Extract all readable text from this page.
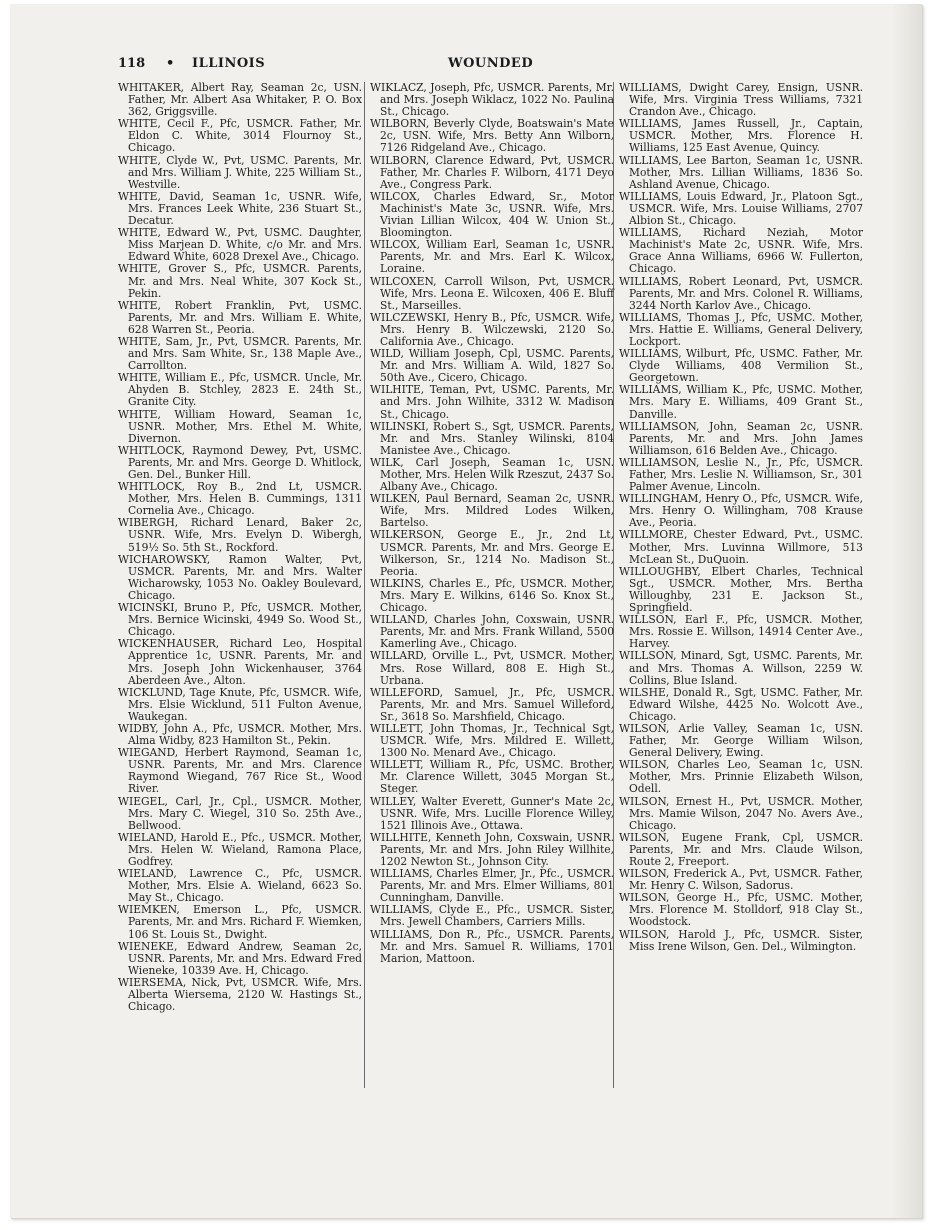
118 • ILLINOIS	WOUNDED

WHITAKER, Albert Ray, Seaman 2c, USN. Father, Mr. Albert Asa Whitaker, P. O. Box 362, Griggsville.

WHITE, Cecil F., Pfc, USMCR. Father, Mr. Eldon C. White, 3014 Flournoy St., Chicago.

WHITE, Clyde W., Pvt, USMC. Parents, Mr. and Mrs. William J. White, 225 William St., Westville.

WHITE, David, Seaman 1c, USNR. Wife, Mrs. Frances Leek White, 236 Stuart St., Decatur.

WHITE, Edward W., Pvt, USMC. Daughter, Miss Marjean D. White, c/o Mr. and Mrs. Edward White, 6028 Drexel Ave., Chicago.

WHITE, Grover S., Pfc, USMCR. Parents, Mr. and Mrs. Neal White, 307 Kock St., Pekin.

WHITE, Robert Franklin, Pvt, USMC. Parents, Mr. and Mrs. William E. White, 628 Warren St., Peoria.

WHITE, Sam, Jr., Pvt, USMCR. Parents, Mr. and Mrs. Sam White, Sr., 138 Maple Ave., Carrollton.

WHITE, William E., Pfc, USMCR. Uncle, Mr. Ahyden B. Stchley, 2823 E. 24th St., Granite City.

WHITE, William Howard, Seaman 1c, USNR. Mother, Mrs. Ethel M. White, Divernon.

WHITLOCK, Raymond Dewey, Pvt, USMC. Parents, Mr. and Mrs. George D. Whitlock, Gen. Del., Bunker Hill.

WHITLOCK, Roy B., 2nd Lt, USMCR. Mother, Mrs. Helen B. Cummings, 1311 Cornelia Ave., Chicago.

WIBERGH, Richard Lenard, Baker 2c, USNR. Wife, Mrs. Evelyn D. Wibergh, 519½ So. 5th St., Rockford.

WICHAROWSKY, Ramon Walter, Pvt, USMCR. Parents, Mr. and Mrs. Walter Wicharowsky, 1053 No. Oakley Boulevard, Chicago.

WICINSKI, Bruno P., Pfc, USMCR. Mother, Mrs. Bernice Wicinski, 4949 So. Wood St., Chicago.

WICKENHAUSER, Richard Leo, Hospital Apprentice 1c, USNR. Parents, Mr. and Mrs. Joseph John Wickenhauser, 3764 Aberdeen Ave., Alton.

WICKLUND, Tage Knute, Pfc, USMCR. Wife, Mrs. Elsie Wicklund, 511 Fulton Avenue, Waukegan.

WIDBY, John A., Pfc, USMCR. Mother, Mrs. Alma Widby, 823 Hamilton St., Pekin.

WIEGAND, Herbert Raymond, Seaman 1c, USNR. Parents, Mr. and Mrs. Clarence Raymond Wiegand, 767 Rice St., Wood River.

WIEGEL, Carl, Jr., Cpl., USMCR. Mother, Mrs. Mary C. Wiegel, 310 So. 25th Ave., Bellwood.

WIELAND, Harold E., Pfc., USMCR. Mother, Mrs. Helen W. Wieland, Ramona Place, Godfrey.

WIELAND, Lawrence C., Pfc, USMCR. Mother, Mrs. Elsie A. Wieland, 6623 So. May St., Chicago.

WIEMKEN, Emerson L., Pfc, USMCR. Parents, Mr. and Mrs. Richard F. Wiemken, 106 St. Louis St., Dwight.

WIENEKE, Edward Andrew, Seaman 2c, USNR. Parents, Mr. and Mrs. Edward Fred Wieneke, 10339 Ave. H, Chicago.

WIERSEMA, Nick, Pvt, USMCR. Wife, Mrs. Alberta Wiersema, 2120 W. Hastings St., Chicago.

WIKLACZ, Joseph, Pfc, USMCR. Parents, Mr. and Mrs. Joseph Wiklacz, 1022 No. Paulina St., Chicago.

WILBORN, Beverly Clyde, Boatswain's Mate 2c, USN. Wife, Mrs. Betty Ann Wilborn, 7126 Ridgeland Ave., Chicago.

WILBORN, Clarence Edward, Pvt, USMCR. Father, Mr. Charles F. Wilborn, 4171 Deyo Ave., Congress Park.

WILCOX, Charles Edward, Sr., Motor Machinist's Mate 3c, USNR. Wife, Mrs. Vivian Lillian Wilcox, 404 W. Union St., Bloomington.

WILCOX, William Earl, Seaman 1c, USNR. Parents, Mr. and Mrs. Earl K. Wilcox, Loraine.

WILCOXEN, Carroll Wilson, Pvt, USMCR. Wife, Mrs. Leona E. Wilcoxen, 406 E. Bluff St., Marseilles.

WILCZEWSKI, Henry B., Pfc, USMCR. Wife, Mrs. Henry B. Wilczewski, 2120 So. California Ave., Chicago.

WILD, William Joseph, Cpl, USMC. Parents, Mr. and Mrs. William A. Wild, 1827 So. 50th Ave., Cicero, Chicago.

WILHITE, Teman, Pvt, USMC. Parents, Mr. and Mrs. John Wilhite, 3312 W. Madison St., Chicago.

WILINSKI, Robert S., Sgt, USMCR. Parents, Mr. and Mrs. Stanley Wilinski, 8104 Manistee Ave., Chicago.

WILK, Carl Joseph, Seaman 1c, USN. Mother, Mrs. Helen Wilk Rzeszut, 2437 So. Albany Ave., Chicago.

WILKEN, Paul Bernard, Seaman 2c, USNR. Wife, Mrs. Mildred Lodes Wilken, Bartelso.

WILKERSON, George E., Jr., 2nd Lt, USMCR. Parents, Mr. and Mrs. George E. Wilkerson, Sr., 1214 No. Madison St., Peoria.

WILKINS, Charles E., Pfc, USMCR. Mother, Mrs. Mary E. Wilkins, 6146 So. Knox St., Chicago.

WILLAND, Charles John, Coxswain, USNR. Parents, Mr. and Mrs. Frank Willand, 5500 Kamerling Ave., Chicago.

WILLARD, Orville L., Pvt, USMCR. Mother, Mrs. Rose Willard, 808 E. High St., Urbana.

WILLEFORD, Samuel, Jr., Pfc, USMCR. Parents, Mr. and Mrs. Samuel Willeford, Sr., 3618 So. Marshfield, Chicago.

WILLETT, John Thomas, Jr., Technical Sgt, USMCR. Wife, Mrs. Mildred E. Willett, 1300 No. Menard Ave., Chicago.

WILLETT, William R., Pfc, USMC. Brother, Mr. Clarence Willett, 3045 Morgan St., Steger.

WILLEY, Walter Everett, Gunner's Mate 2c, USNR. Wife, Mrs. Lucille Florence Willey, 1521 Illinois Ave., Ottawa.

WILLHITE, Kenneth John, Coxswain, USNR. Parents, Mr. and Mrs. John Riley Willhite, 1202 Newton St., Johnson City.

WILLIAMS, Charles Elmer, Jr., Pfc., USMCR. Parents, Mr. and Mrs. Elmer Williams, 801 Cunningham, Danville.

WILLIAMS, Clyde E., Pfc., USMCR. Sister, Mrs. Jewell Chambers, Carriers Mills.

WILLIAMS, Don R., Pfc., USMCR. Parents, Mr. and Mrs. Samuel R. Williams, 1701 Marion, Mattoon.

WILLIAMS, Dwight Carey, Ensign, USNR. Wife, Mrs. Virginia Tress Williams, 7321 Crandon Ave., Chicago.

WILLIAMS, James Russell, Jr., Captain, USMCR. Mother, Mrs. Florence H. Williams, 125 East Avenue, Quincy.

WILLIAMS, Lee Barton, Seaman 1c, USNR. Mother, Mrs. Lillian Williams, 1836 So. Ashland Avenue, Chicago.

WILLIAMS, Louis Edward, Jr., Platoon Sgt., USMCR. Wife, Mrs. Louise Williams, 2707 Albion St., Chicago.

WILLIAMS, Richard Neziah, Motor Machinist's Mate 2c, USNR. Wife, Mrs. Grace Anna Williams, 6966 W. Fullerton, Chicago.

WILLIAMS, Robert Leonard, Pvt, USMCR. Parents, Mr. and Mrs. Colonel R. Williams, 3244 North Karlov Ave., Chicago.

WILLIAMS, Thomas J., Pfc, USMC. Mother, Mrs. Hattie E. Williams, General Delivery, Lockport.

WILLIAMS, Wilburt, Pfc, USMC. Father, Mr. Clyde Williams, 408 Vermilion St., Georgetown.

WILLIAMS, William K., Pfc, USMC. Mother, Mrs. Mary E. Williams, 409 Grant St., Danville.

WILLIAMSON, John, Seaman 2c, USNR. Parents, Mr. and Mrs. John James Williamson, 616 Belden Ave., Chicago.

WILLIAMSON, Leslie N., Jr., Pfc, USMCR. Father, Mrs. Leslie N. Williamson, Sr., 301 Palmer Avenue, Lincoln.

WILLINGHAM, Henry O., Pfc, USMCR. Wife, Mrs. Henry O. Willingham, 708 Krause Ave., Peoria.

WILLMORE, Chester Edward, Pvt., USMC. Mother, Mrs. Luvinna Willmore, 513 McLean St., DuQuoin.

WILLOUGHBY, Elbert Charles, Technical Sgt., USMCR. Mother, Mrs. Bertha Willoughby, 231 E. Jackson St., Springfield.

WILLSON, Earl F., Pfc, USMCR. Mother, Mrs. Rossie E. Willson, 14914 Center Ave., Harvey.

WILLSON, Minard, Sgt, USMC. Parents, Mr. and Mrs. Thomas A. Willson, 2259 W. Collins, Blue Island.

WILSHE, Donald R., Sgt, USMC. Father, Mr. Edward Wilshe, 4425 No. Wolcott Ave., Chicago.

WILSON, Arlie Valley, Seaman 1c, USN. Father, Mr. George William Wilson, General Delivery, Ewing.

WILSON, Charles Leo, Seaman 1c, USN. Mother, Mrs. Prinnie Elizabeth Wilson, Odell.

WILSON, Ernest H., Pvt, USMCR. Mother, Mrs. Mamie Wilson, 2047 No. Avers Ave., Chicago.

WILSON, Eugene Frank, Cpl, USMCR. Parents, Mr. and Mrs. Claude Wilson, Route 2, Freeport.

WILSON, Frederick A., Pvt, USMCR. Father, Mr. Henry C. Wilson, Sadorus.

WILSON, George H., Pfc, USMC. Mother, Mrs. Florence M. Stolldorf, 918 Clay St., Woodstock.

WILSON, Harold J., Pfc, USMCR. Sister, Miss Irene Wilson, Gen. Del., Wilmington.
